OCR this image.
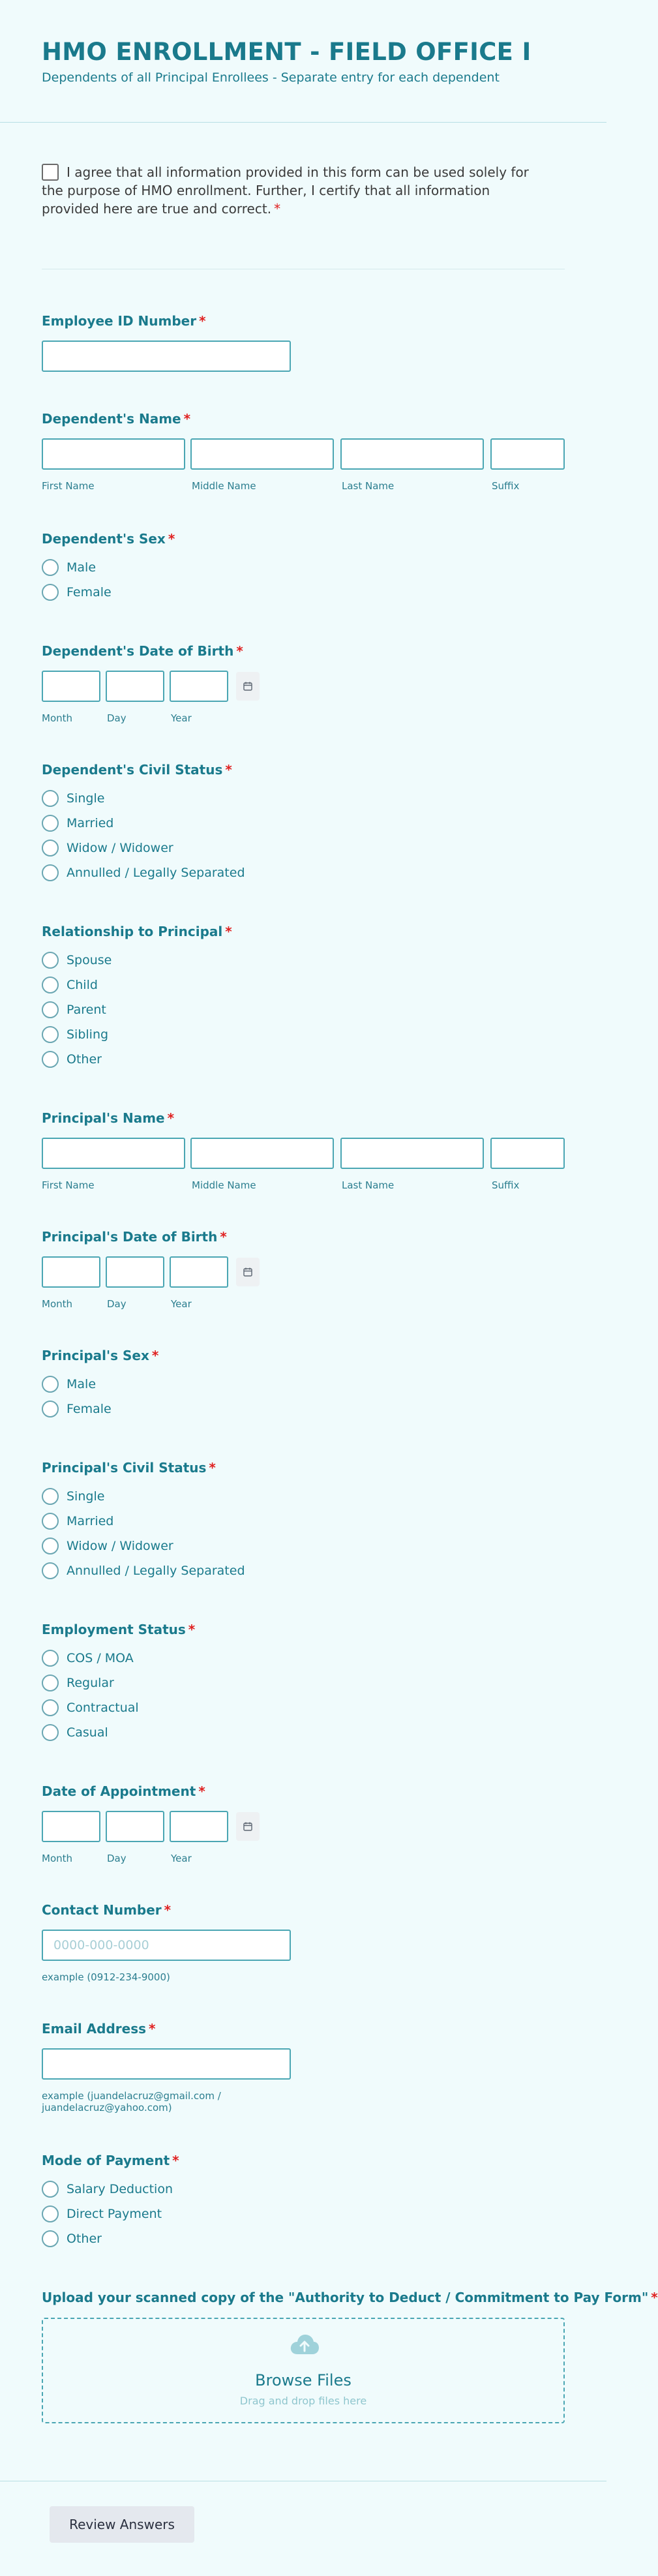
HMO ENROLLMENT - FIELD OFFICE I
Dependents of all Principal Enrollees - Separate entry for each dependent
I agree that all information provided in this form can be used solely for the purpose of HMO enrollment. Further, I certify that all information provided here are true and correct. *
Employee ID Number *
Dependent's Name *
First Name	Middle Name	Last Name	Suffix
Dependent's Sex *
Male
Female
Dependent's Date of Birth *
Month	Day	Year
Dependent's Civil Status *
Single
Married
Widow / Widower
Annulled / Legally Separated
Relationship to Principal *
Spouse
Child
Parent
Sibling
Other
Principal's Name *
First Name	Middle Name	Last Name	Suffix
Principal's Date of Birth *
Month	Day	Year
Principal's Sex *
Male
Female
Principal's Civil Status *
Single
Married
Widow / Widower
Annulled / Legally Separated
Employment Status *
COS / MOA
Regular
Contractual
Casual
Date of Appointment *
Month	Day	Year
Contact Number *
0000-000-0000
example (0912-234-9000)
Email Address *
example (juandelacruz@gmail.com / juandelacruz@yahoo.com)
Mode of Payment *
Salary Deduction
Direct Payment
Other
Upload your scanned copy of the "Authority to Deduct / Commitment to Pay Form" *
Browse Files
Drag and drop files here
Review Answers
